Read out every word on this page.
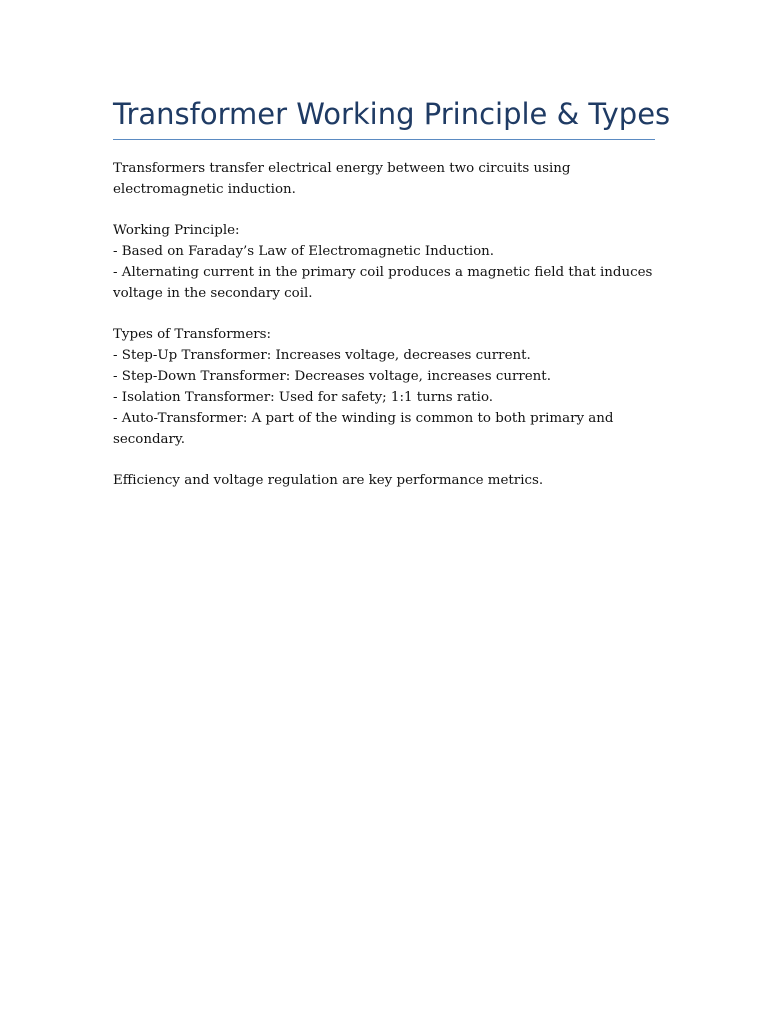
Transformer Working Principle & Types

Transformers transfer electrical energy between two circuits using electromagnetic induction.

Working Principle:

- Based on Faraday’s Law of Electromagnetic Induction.

- Alternating current in the primary coil produces a magnetic field that induces voltage in the secondary coil.

Types of Transformers:

- Step-Up Transformer: Increases voltage, decreases current.

- Step-Down Transformer: Decreases voltage, increases current.

- Isolation Transformer: Used for safety; 1:1 turns ratio.

- Auto-Transformer: A part of the winding is common to both primary and secondary.

Efficiency and voltage regulation are key performance metrics.
